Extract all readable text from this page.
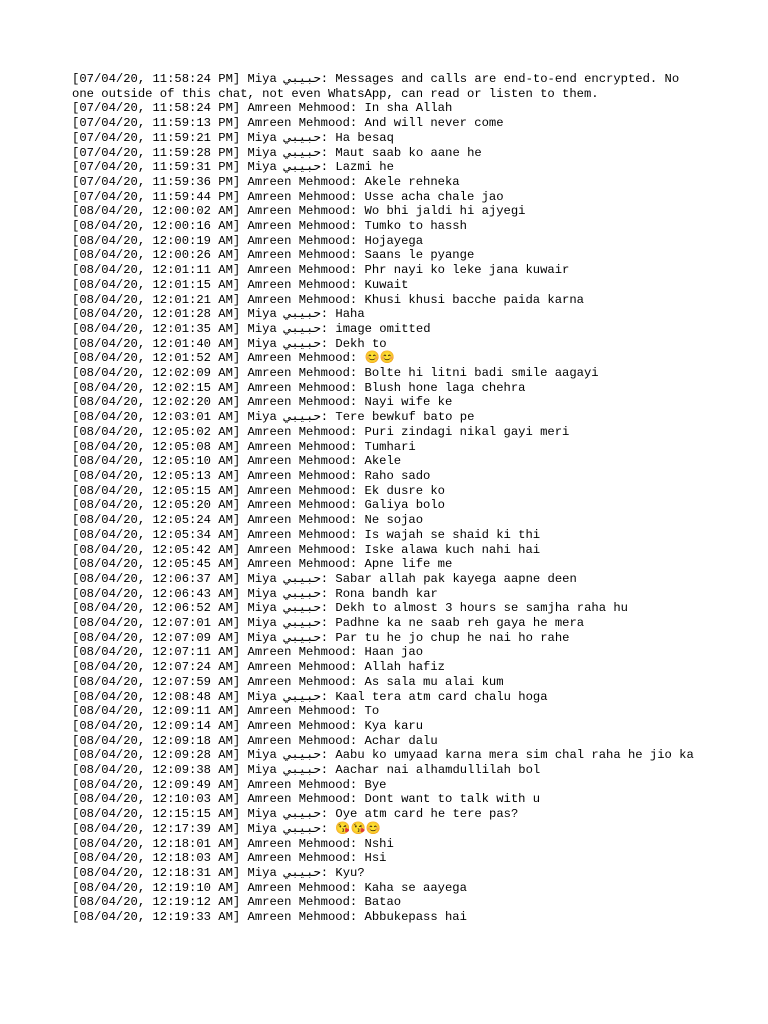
[07/04/20, 11:58:24 PM] Miya حبيبي: Messages and calls are end-to-end encrypted. No one outside of this chat, not even WhatsApp, can read or listen to them.
[07/04/20, 11:58:24 PM] Amreen Mehmood: In sha Allah
[07/04/20, 11:59:13 PM] Amreen Mehmood: And will never come
[07/04/20, 11:59:21 PM] Miya حبيبي: Ha besaq
[07/04/20, 11:59:28 PM] Miya حبيبي: Maut saab ko aane he
[07/04/20, 11:59:31 PM] Miya حبيبي: Lazmi he
[07/04/20, 11:59:36 PM] Amreen Mehmood: Akele rehneka
[07/04/20, 11:59:44 PM] Amreen Mehmood: Usse acha chale jao
[08/04/20, 12:00:02 AM] Amreen Mehmood: Wo bhi jaldi hi ajyegi
[08/04/20, 12:00:16 AM] Amreen Mehmood: Tumko to hassh
[08/04/20, 12:00:19 AM] Amreen Mehmood: Hojayega
[08/04/20, 12:00:26 AM] Amreen Mehmood: Saans le pyange
[08/04/20, 12:01:11 AM] Amreen Mehmood: Phr nayi ko leke jana kuwair
[08/04/20, 12:01:15 AM] Amreen Mehmood: Kuwait
[08/04/20, 12:01:21 AM] Amreen Mehmood: Khusi khusi bacche paida karna
[08/04/20, 12:01:28 AM] Miya حبيبي: Haha
[08/04/20, 12:01:35 AM] Miya حبيبي: image omitted
[08/04/20, 12:01:40 AM] Miya حبيبي: Dekh to
[08/04/20, 12:01:52 AM] Amreen Mehmood: 😊😊
[08/04/20, 12:02:09 AM] Amreen Mehmood: Bolte hi litni badi smile aagayi
[08/04/20, 12:02:15 AM] Amreen Mehmood: Blush hone laga chehra
[08/04/20, 12:02:20 AM] Amreen Mehmood: Nayi wife ke
[08/04/20, 12:03:01 AM] Miya حبيبي: Tere bewkuf bato pe
[08/04/20, 12:05:02 AM] Amreen Mehmood: Puri zindagi nikal gayi meri
[08/04/20, 12:05:08 AM] Amreen Mehmood: Tumhari
[08/04/20, 12:05:10 AM] Amreen Mehmood: Akele
[08/04/20, 12:05:13 AM] Amreen Mehmood: Raho sado
[08/04/20, 12:05:15 AM] Amreen Mehmood: Ek dusre ko
[08/04/20, 12:05:20 AM] Amreen Mehmood: Galiya bolo
[08/04/20, 12:05:24 AM] Amreen Mehmood: Ne sojao
[08/04/20, 12:05:34 AM] Amreen Mehmood: Is wajah se shaid ki thi
[08/04/20, 12:05:42 AM] Amreen Mehmood: Iske alawa kuch nahi hai
[08/04/20, 12:05:45 AM] Amreen Mehmood: Apne life me
[08/04/20, 12:06:37 AM] Miya حبيبي: Sabar allah pak kayega aapne deen
[08/04/20, 12:06:43 AM] Miya حبيبي: Rona bandh kar
[08/04/20, 12:06:52 AM] Miya حبيبي: Dekh to almost 3 hours se samjha raha hu
[08/04/20, 12:07:01 AM] Miya حبيبي: Padhne ka ne saab reh gaya he mera
[08/04/20, 12:07:09 AM] Miya حبيبي: Par tu he jo chup he nai ho rahe
[08/04/20, 12:07:11 AM] Amreen Mehmood: Haan jao
[08/04/20, 12:07:24 AM] Amreen Mehmood: Allah hafiz
[08/04/20, 12:07:59 AM] Amreen Mehmood: As sala mu alai kum
[08/04/20, 12:08:48 AM] Miya حبيبي: Kaal tera atm card chalu hoga
[08/04/20, 12:09:11 AM] Amreen Mehmood: To
[08/04/20, 12:09:14 AM] Amreen Mehmood: Kya karu
[08/04/20, 12:09:18 AM] Amreen Mehmood: Achar dalu
[08/04/20, 12:09:28 AM] Miya حبيبي: Aabu ko umyaad karna mera sim chal raha he jio ka
[08/04/20, 12:09:38 AM] Miya حبيبي: Aachar nai alhamdullilah bol
[08/04/20, 12:09:49 AM] Amreen Mehmood: Bye
[08/04/20, 12:10:03 AM] Amreen Mehmood: Dont want to talk with u
[08/04/20, 12:15:15 AM] Miya حبيبي: Oye atm card he tere pas?
[08/04/20, 12:17:39 AM] Miya حبيبي: 😘😘😊
[08/04/20, 12:18:01 AM] Amreen Mehmood: Nshi
[08/04/20, 12:18:03 AM] Amreen Mehmood: Hsi
[08/04/20, 12:18:31 AM] Miya حبيبي: Kyu?
[08/04/20, 12:19:10 AM] Amreen Mehmood: Kaha se aayega
[08/04/20, 12:19:12 AM] Amreen Mehmood: Batao
[08/04/20, 12:19:33 AM] Amreen Mehmood: Abbukepass hai
